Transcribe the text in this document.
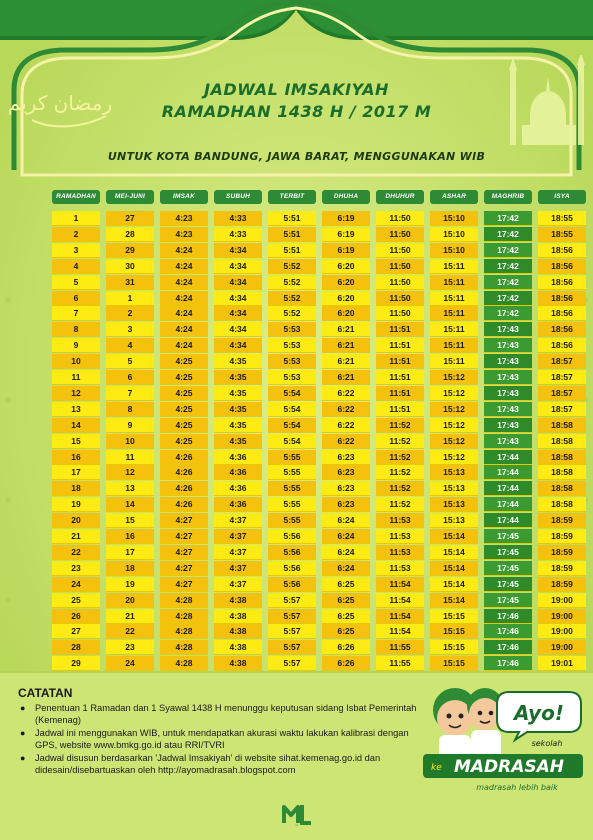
رمضان كريم
JADWAL IMSAKIYAH
RAMADHAN 1438 H / 2017 M
UNTUK KOTA BANDUNG, JAWA BARAT, MENGGUNAKAN WIB
RAMADHAN	MEI-JUNI	IMSAK	SUBUH	TERBIT	DHUHA	DHUHUR	ASHAR	MAGHRIB	ISYA
1	27	4:23	4:33	5:51	6:19	11:50	15:10	17:42	18:55
2	28	4:23	4:33	5:51	6:19	11:50	15:10	17:42	18:55
3	29	4:24	4:34	5:51	6:19	11:50	15:10	17:42	18:56
4	30	4:24	4:34	5:52	6:20	11:50	15:11	17:42	18:56
5	31	4:24	4:34	5:52	6:20	11:50	15:11	17:42	18:56
6	1	4:24	4:34	5:52	6:20	11:50	15:11	17:42	18:56
7	2	4:24	4:34	5:52	6:20	11:50	15:11	17:42	18:56
8	3	4:24	4:34	5:53	6:21	11:51	15:11	17:43	18:56
9	4	4:24	4:34	5:53	6:21	11:51	15:11	17:43	18:56
10	5	4:25	4:35	5:53	6:21	11:51	15:11	17:43	18:57
11	6	4:25	4:35	5:53	6:21	11:51	15:12	17:43	18:57
12	7	4:25	4:35	5:54	6:22	11:51	15:12	17:43	18:57
13	8	4:25	4:35	5:54	6:22	11:51	15:12	17:43	18:57
14	9	4:25	4:35	5:54	6:22	11:52	15:12	17:43	18:58
15	10	4:25	4:35	5:54	6:22	11:52	15:12	17:43	18:58
16	11	4:26	4:36	5:55	6:23	11:52	15:12	17:44	18:58
17	12	4:26	4:36	5:55	6:23	11:52	15:13	17:44	18:58
18	13	4:26	4:36	5:55	6:23	11:52	15:13	17:44	18:58
19	14	4:26	4:36	5:55	6:23	11:52	15:13	17:44	18:58
20	15	4:27	4:37	5:55	6:24	11:53	15:13	17:44	18:59
21	16	4:27	4:37	5:56	6:24	11:53	15:14	17:45	18:59
22	17	4:27	4:37	5:56	6:24	11:53	15:14	17:45	18:59
23	18	4:27	4:37	5:56	6:24	11:53	15:14	17:45	18:59
24	19	4:27	4:37	5:56	6:25	11:54	15:14	17:45	18:59
25	20	4:28	4:38	5:57	6:25	11:54	15:14	17:45	19:00
26	21	4:28	4:38	5:57	6:25	11:54	15:15	17:46	19:00
27	22	4:28	4:38	5:57	6:25	11:54	15:15	17:46	19:00
28	23	4:28	4:38	5:57	6:26	11:55	15:15	17:46	19:00
29	24	4:28	4:38	5:57	6:26	11:55	15:15	17:46	19:01
CATATAN
● Penentuan 1 Ramadan dan 1 Syawal 1438 H menunggu keputusan sidang Isbat Pemerintah (Kemenag)
● Jadwal ini menggunakan WIB, untuk mendapatkan akurasi waktu lakukan kalibrasi dengan GPS, website www.bmkg.go.id atau RRI/TVRI
● Jadwal disusun berdasarkan 'Jadwal Imsakiyah' di website sihat.kemenag.go.id dan didesain/disebartuaskan oleh http://ayomadrasah.blogspot.com
Ayo!
sekolah
ke MADRASAH
madrasah lebih baik
ML
